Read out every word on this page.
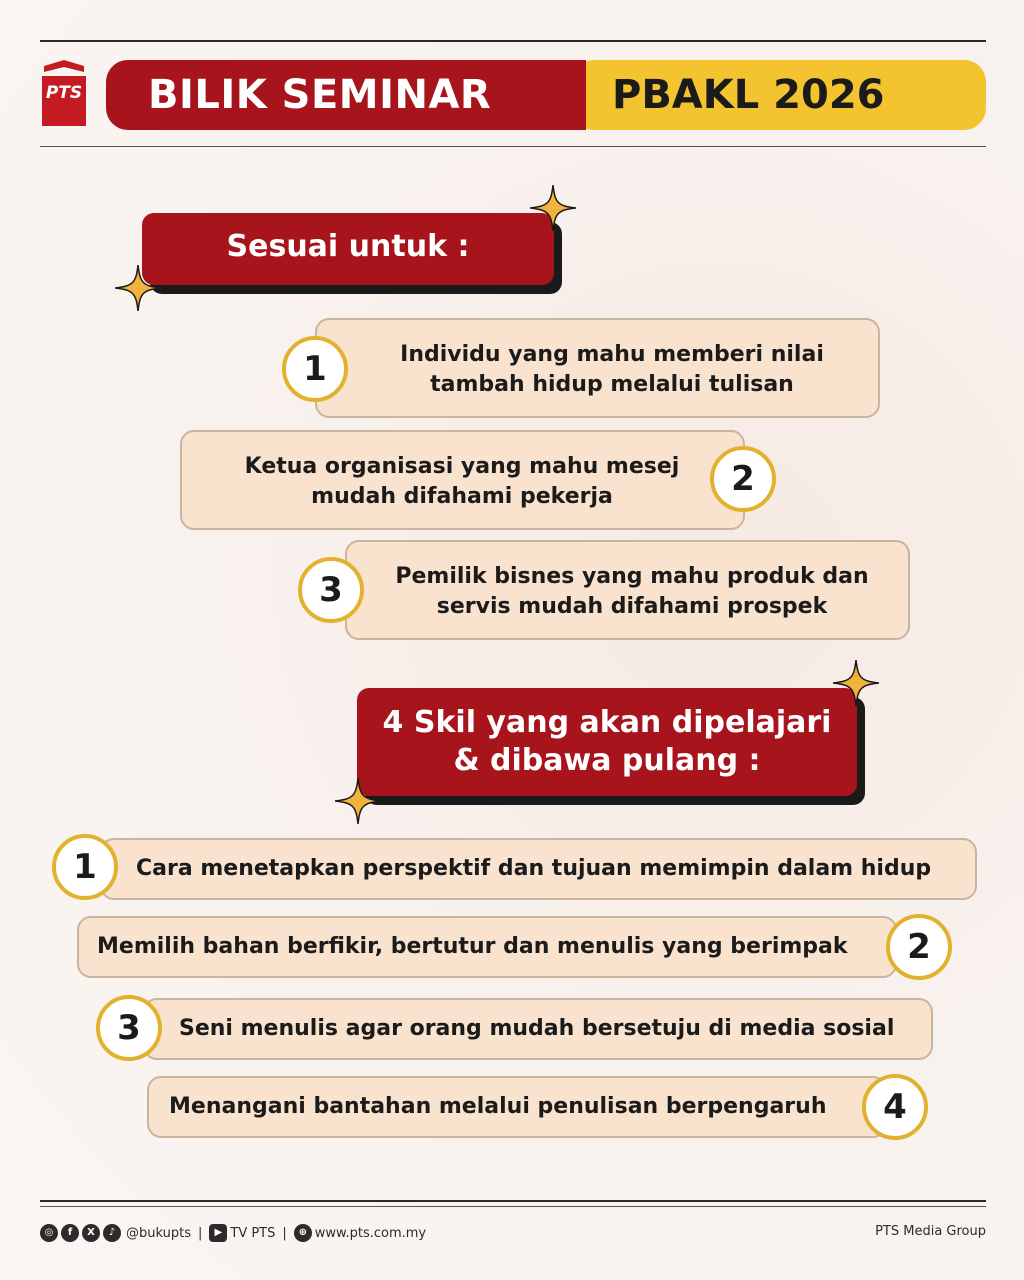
PTS	PBAKL 2026
BILIK SEMINAR
Sesuai untuk :
Individu yang mahu memberi nilai tambah hidup melalui tulisan
1
Ketua organisasi yang mahu mesej mudah difahami pekerja	2
Pemilik bisnes yang mahu produk dan servis mudah difahami prospek
3
4 Skil yang akan dipelajari
& dibawa pulang :
Cara menetapkan perspektif dan tujuan memimpin dalam hidup
1
Memilih bahan berfikir, bertutur dan menulis yang berimpak	2
Seni menulis agar orang mudah bersetuju di media sosial
3
Menangani bantahan melalui penulisan berpengaruh	4
◎	f	X	♪ @bukupts |	▶ TV PTS |	⊕ www.pts.com.my	PTS Media Group
